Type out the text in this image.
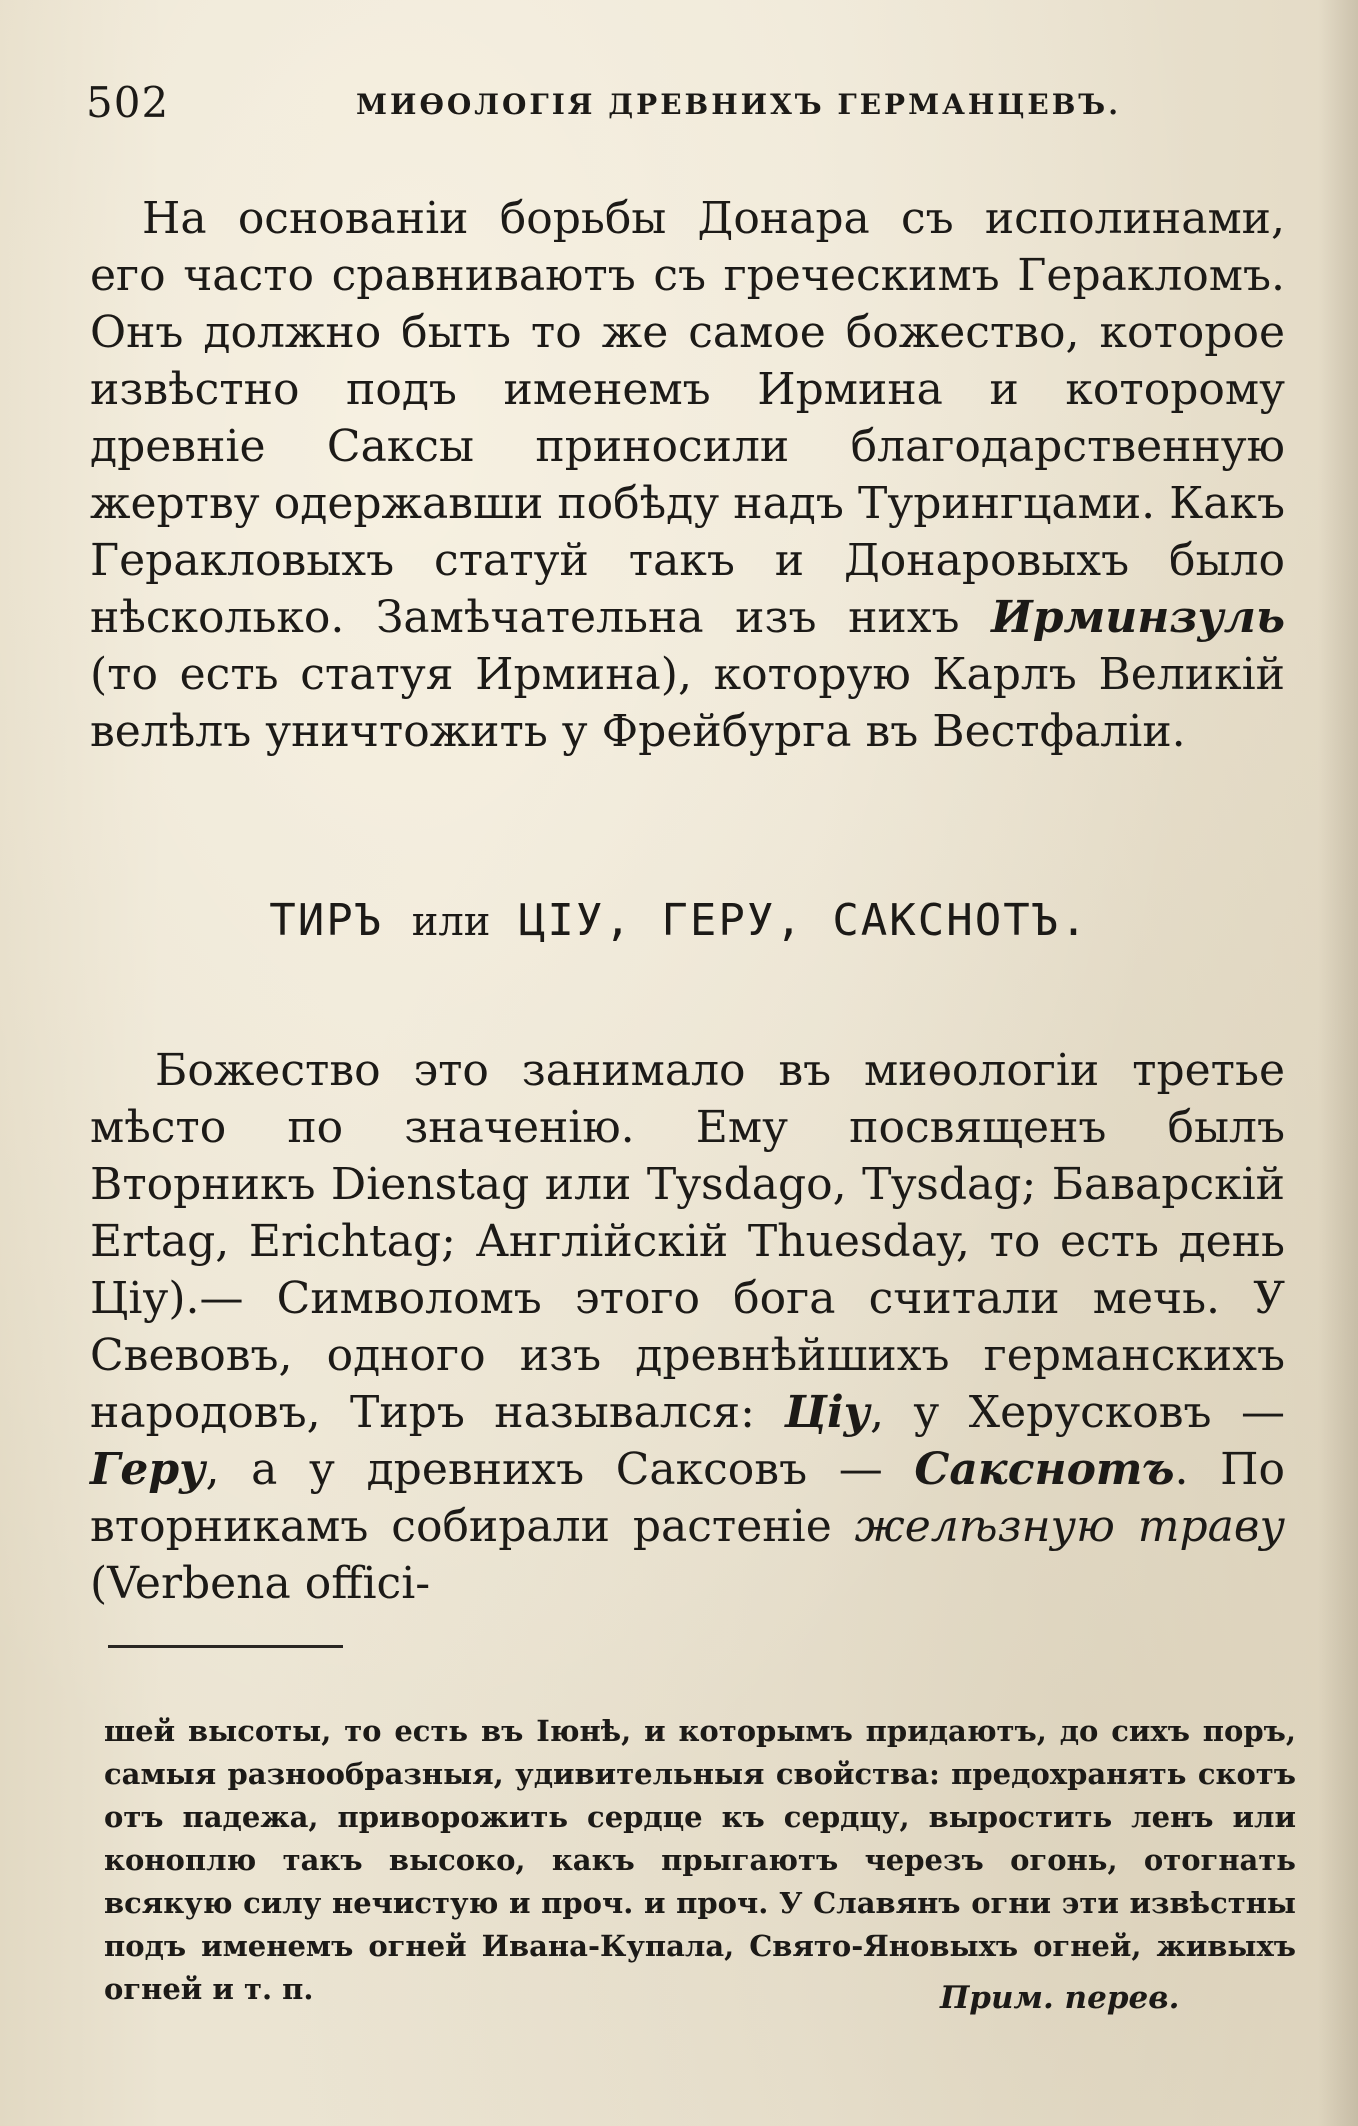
502	МИѲОЛОГІЯ ДРЕВНИХЪ ГЕРМАНЦЕВЪ.

На основаніи борьбы Донара съ исполинами, его часто сравниваютъ съ греческимъ Геракломъ. Онъ должно быть то же самое божество, которое извѣстно подъ именемъ Ирмина и которому древніе Саксы приносили благодарственную жертву одержавши побѣду надъ Турингцами. Какъ Геракловыхъ статуй такъ и Донаровыхъ было нѣсколько. Замѣчательна изъ нихъ Ирминзуль (то есть статуя Ирмина), которую Карлъ Великій велѣлъ уничтожить у Фрейбурга въ Вестфаліи.

ТИРЪ или ЦІУ, ГЕРУ, САКСНОТЪ.

Божество это занимало въ миѳологіи третье мѣсто по значенію. Ему посвященъ былъ Вторникъ Dienstag или Tysdago, Tysdag; Баварскій Ertag, Erichtag; Англійскій Thuesday, то есть день Ціу).— Символомъ этого бога считали мечь. У Свевовъ, одного изъ древнѣйшихъ германскихъ народовъ, Тиръ назывался: Ціу, у Херусковъ — Геру, а у древнихъ Саксовъ — Сакснотъ. По вторникамъ собирали растеніе желѣзную траву (Verbena offici-

шей высоты, то есть въ Іюнѣ, и которымъ придаютъ, до сихъ поръ, самыя разнообразныя, удивительныя свойства: предохранять скотъ отъ падежа, приворожить сердце къ сердцу, выростить ленъ или коноплю такъ высоко, какъ прыгаютъ черезъ огонь, отогнать всякую силу нечистую и проч. и проч. У Славянъ огни эти извѣстны подъ именемъ огней Ивана-Купала, Свято-Яновыхъ огней, живыхъ огней и т. п.	Прим. перев.
